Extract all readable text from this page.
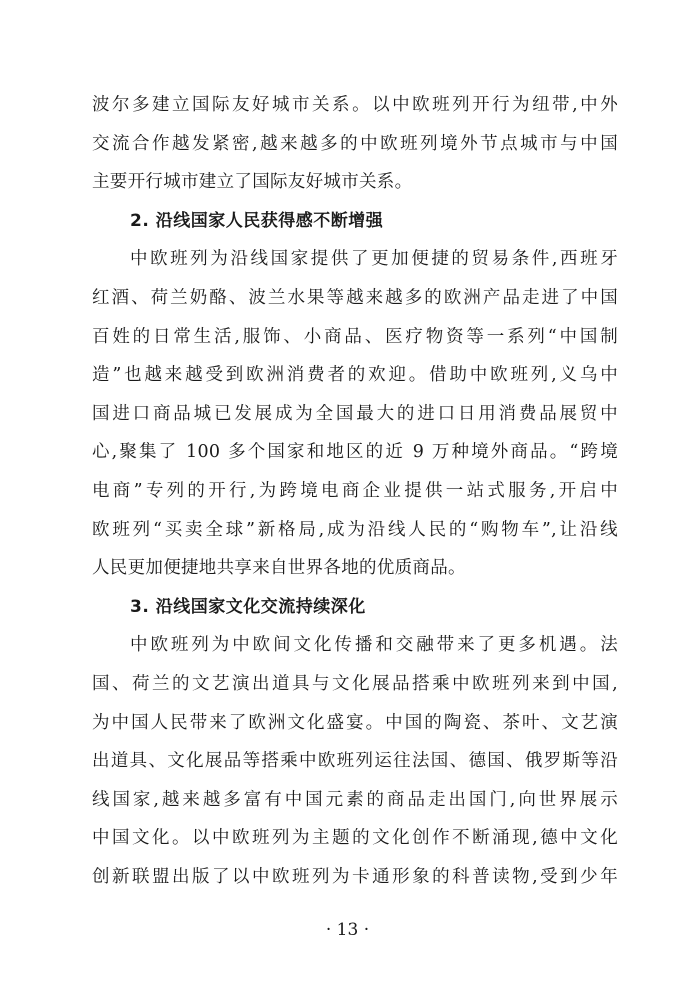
波尔多建立国际友好城市关系。以中欧班列开行为纽带,中外
交流合作越发紧密,越来越多的中欧班列境外节点城市与中国
主要开行城市建立了国际友好城市关系。
2. 沿线国家人民获得感不断增强
中欧班列为沿线国家提供了更加便捷的贸易条件,西班牙
红酒、荷兰奶酪、波兰水果等越来越多的欧洲产品走进了中国
百姓的日常生活,服饰、小商品、医疗物资等一系列“中国制
造”也越来越受到欧洲消费者的欢迎。借助中欧班列,义乌中
国进口商品城已发展成为全国最大的进口日用消费品展贸中
心,聚集了 100 多个国家和地区的近 9 万种境外商品。“跨境
电商”专列的开行,为跨境电商企业提供一站式服务,开启中
欧班列“买卖全球”新格局,成为沿线人民的“购物车”,让沿线
人民更加便捷地共享来自世界各地的优质商品。
3. 沿线国家文化交流持续深化
中欧班列为中欧间文化传播和交融带来了更多机遇。法
国、荷兰的文艺演出道具与文化展品搭乘中欧班列来到中国,
为中国人民带来了欧洲文化盛宴。中国的陶瓷、茶叶、文艺演
出道具、文化展品等搭乘中欧班列运往法国、德国、俄罗斯等沿
线国家,越来越多富有中国元素的商品走出国门,向世界展示
中国文化。以中欧班列为主题的文化创作不断涌现,德中文化
创新联盟出版了以中欧班列为卡通形象的科普读物,受到少年
· 13 ·
